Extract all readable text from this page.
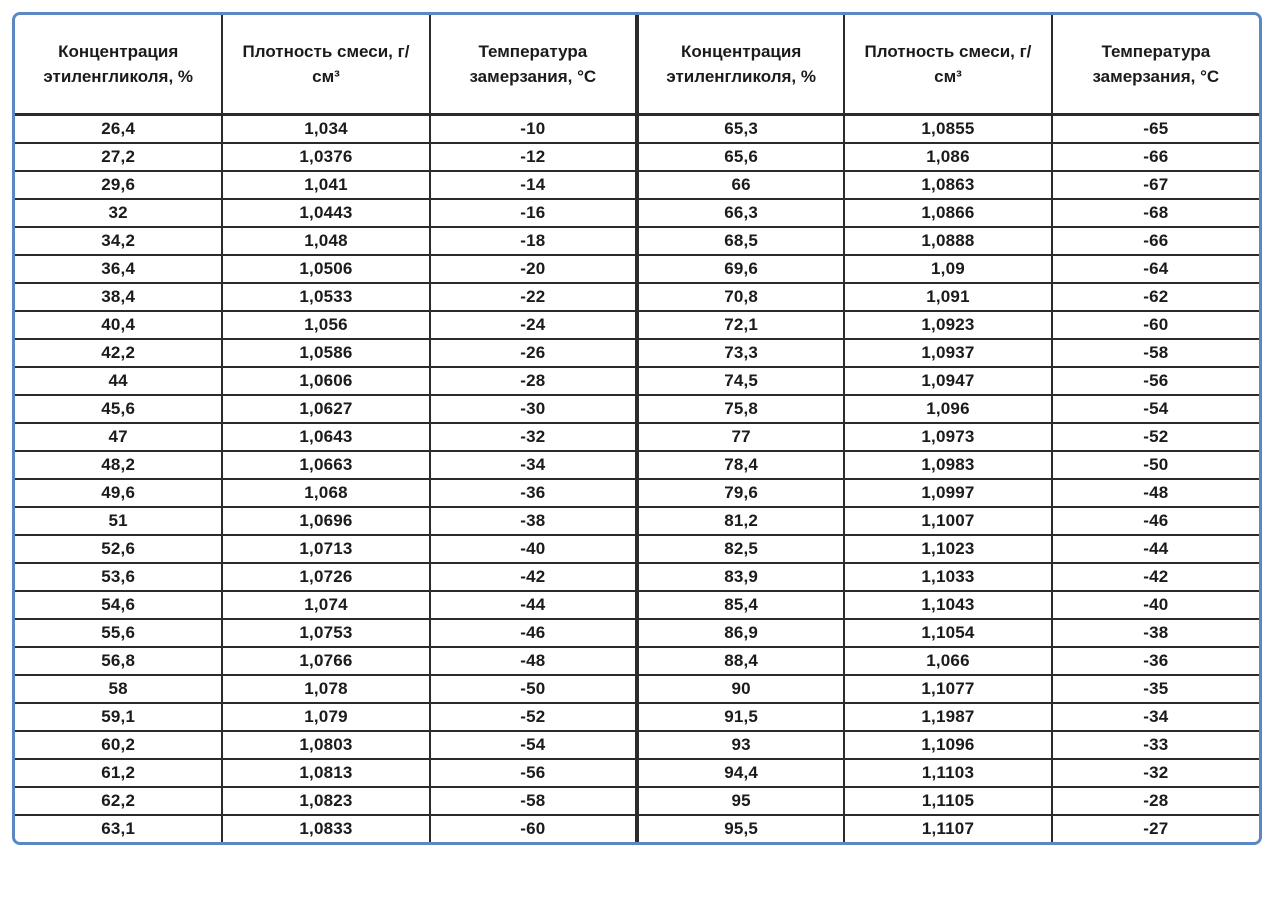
Концентрация этиленгликоля, %	Плотность смеси, г/см³	Температура замерзания, °С	Концентрация этиленгликоля, %	Плотность смеси, г/см³	Температура замерзания, °С
26,4	1,034	-10	65,3	1,0855	-65
27,2	1,0376	-12	65,6	1,086	-66
29,6	1,041	-14	66	1,0863	-67
32	1,0443	-16	66,3	1,0866	-68
34,2	1,048	-18	68,5	1,0888	-66
36,4	1,0506	-20	69,6	1,09	-64
38,4	1,0533	-22	70,8	1,091	-62
40,4	1,056	-24	72,1	1,0923	-60
42,2	1,0586	-26	73,3	1,0937	-58
44	1,0606	-28	74,5	1,0947	-56
45,6	1,0627	-30	75,8	1,096	-54
47	1,0643	-32	77	1,0973	-52
48,2	1,0663	-34	78,4	1,0983	-50
49,6	1,068	-36	79,6	1,0997	-48
51	1,0696	-38	81,2	1,1007	-46
52,6	1,0713	-40	82,5	1,1023	-44
53,6	1,0726	-42	83,9	1,1033	-42
54,6	1,074	-44	85,4	1,1043	-40
55,6	1,0753	-46	86,9	1,1054	-38
56,8	1,0766	-48	88,4	1,066	-36
58	1,078	-50	90	1,1077	-35
59,1	1,079	-52	91,5	1,1987	-34
60,2	1,0803	-54	93	1,1096	-33
61,2	1,0813	-56	94,4	1,1103	-32
62,2	1,0823	-58	95	1,1105	-28
63,1	1,0833	-60	95,5	1,1107	-27
